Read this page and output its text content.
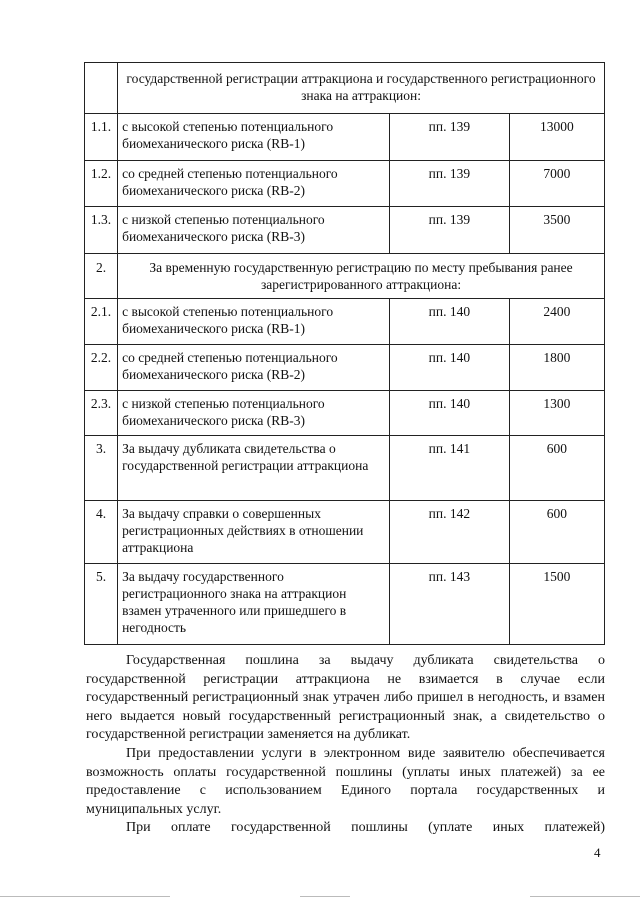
	государственной регистрации аттракциона и государственного регистрационного знака на аттракцион:		
1.1.	с высокой степенью потенциального биомеханического риска (RB-1)	пп. 139	13000
1.2.	со средней степенью потенциального биомеханического риска (RB-2)	пп. 139	7000
1.3.	с низкой степенью потенциального биомеханического риска (RB-3)	пп. 139	3500
2.	За временную государственную регистрацию по месту пребывания ранее зарегистрированного аттракциона:		
2.1.	с высокой степенью потенциального биомеханического риска (RB-1)	пп. 140	2400
2.2.	со средней степенью потенциального биомеханического риска (RB-2)	пп. 140	1800
2.3.	с низкой степенью потенциального биомеханического риска (RB-3)	пп. 140	1300
3.	За выдачу дубликата свидетельства о государственной регистрации аттракциона	пп. 141	600
4.	За выдачу справки о совершенных регистрационных действиях в отношении аттракциона	пп. 142	600
5.	За выдачу государственного регистрационного знака на аттракцион взамен утраченного или пришедшего в негодность	пп. 143	1500

Государственная пошлина за выдачу дубликата свидетельства о государственной регистрации аттракциона не взимается в случае если государственный регистрационный знак утрачен либо пришел в негодность, и взамен него выдается новый государственный регистрационный знак, а свидетельство о государственной регистрации заменяется на дубликат.

При предоставлении услуги в электронном виде заявителю обеспечивается возможность оплаты государственной пошлины (уплаты иных платежей) за ее предоставление с использованием Единого портала государственных и муниципальных услуг.

При оплате государственной пошлины (уплате иных платежей)

4
